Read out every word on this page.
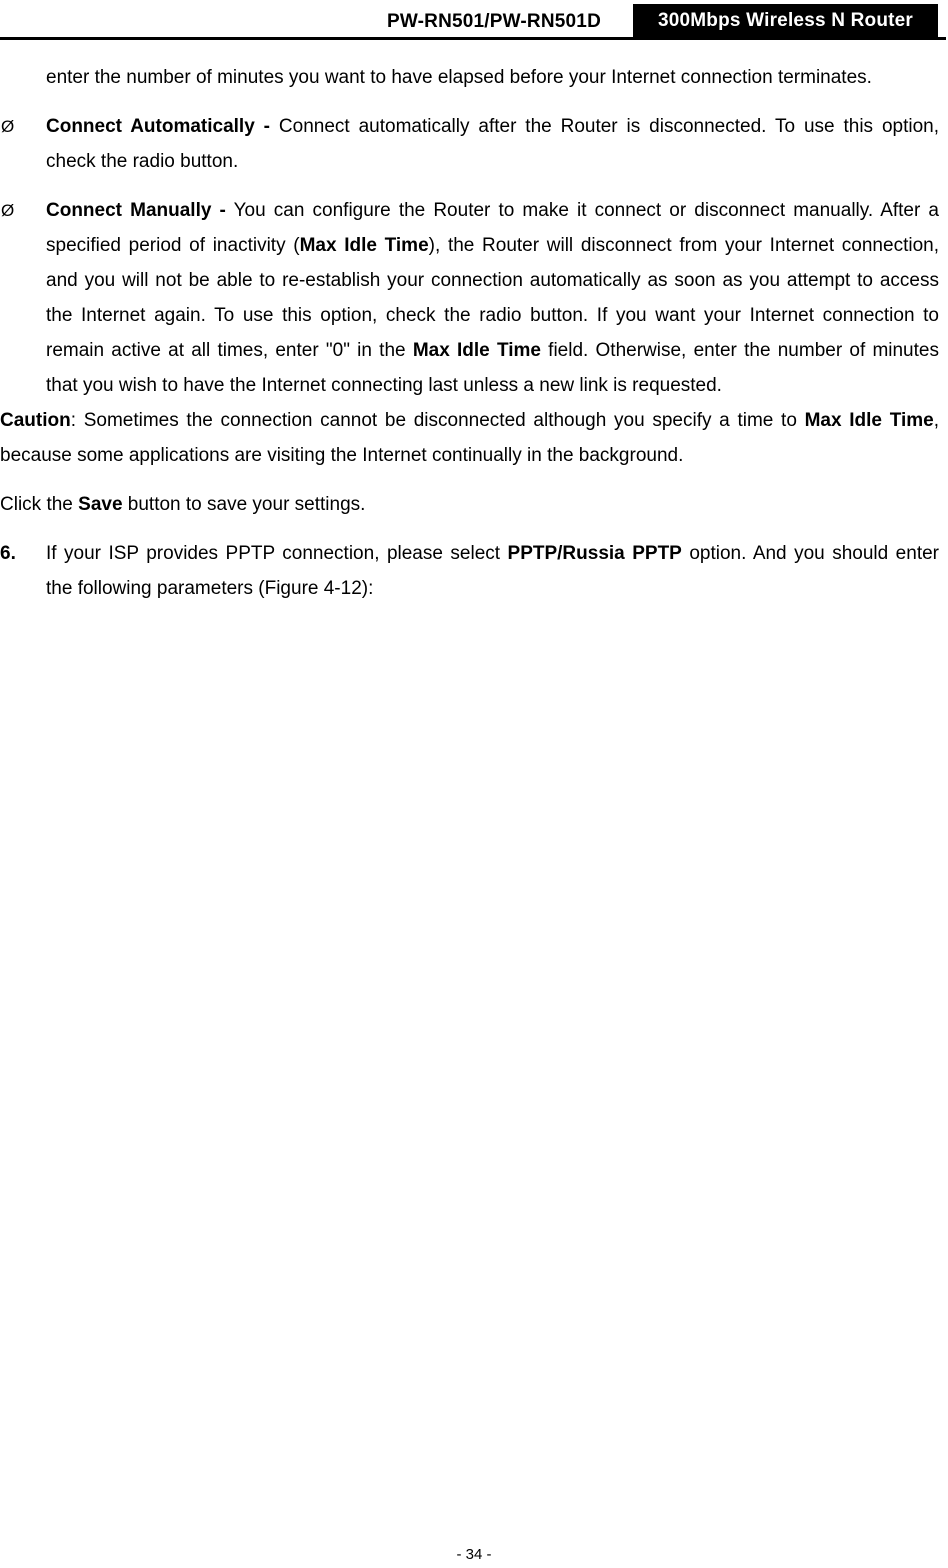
PW-RN501/PW-RN501D	300Mbps Wireless N Router

enter the number of minutes you want to have elapsed before your Internet connection terminates.

Ø Connect Automatically - Connect automatically after the Router is disconnected. To use this option, check the radio button.

Ø Connect Manually - You can configure the Router to make it connect or disconnect manually. After a specified period of inactivity (Max Idle Time), the Router will disconnect from your Internet connection, and you will not be able to re-establish your connection automatically as soon as you attempt to access the Internet again. To use this option, check the radio button. If you want your Internet connection to remain active at all times, enter "0" in the Max Idle Time field. Otherwise, enter the number of minutes that you wish to have the Internet connecting last unless a new link is requested.

Caution: Sometimes the connection cannot be disconnected although you specify a time to Max Idle Time, because some applications are visiting the Internet continually in the background.

Click the Save button to save your settings.

6. If your ISP provides PPTP connection, please select PPTP/Russia PPTP option. And you should enter the following parameters (Figure 4-12):

- 34 -
